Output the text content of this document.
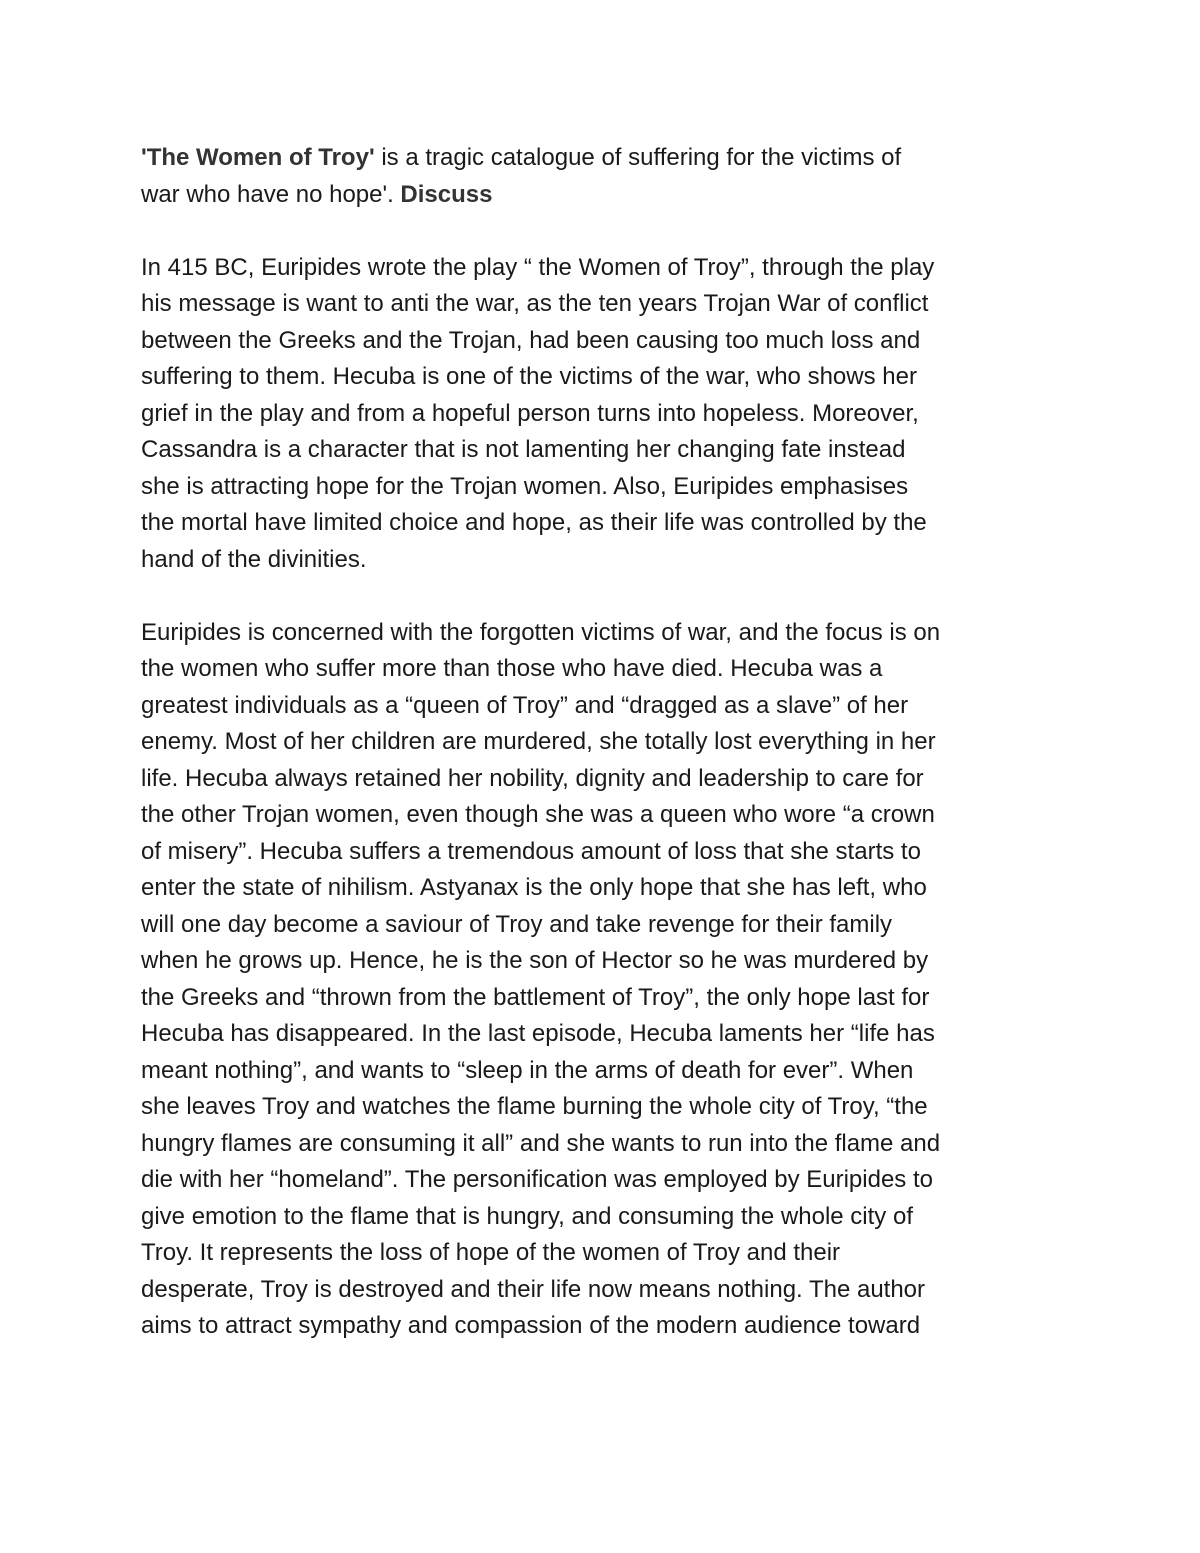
'The Women of Troy' is a tragic catalogue of suffering for the victims of
war who have no hope'. Discuss
In 415 BC, Euripides wrote the play “ the Women of Troy”, through the play
his message is want to anti the war, as the ten years Trojan War of conflict
between the Greeks and the Trojan, had been causing too much loss and
suffering to them. Hecuba is one of the victims of the war, who shows her
grief in the play and from a hopeful person turns into hopeless. Moreover,
Cassandra is a character that is not lamenting her changing fate instead
she is attracting hope for the Trojan women. Also, Euripides emphasises
the mortal have limited choice and hope, as their life was controlled by the
hand of the divinities.
Euripides is concerned with the forgotten victims of war, and the focus is on
the women who suffer more than those who have died. Hecuba was a
greatest individuals as a “queen of Troy” and “dragged as a slave” of her
enemy. Most of her children are murdered, she totally lost everything in her
life. Hecuba always retained her nobility, dignity and leadership to care for
the other Trojan women, even though she was a queen who wore “a crown
of misery”. Hecuba suffers a tremendous amount of loss that she starts to
enter the state of nihilism. Astyanax is the only hope that she has left, who
will one day become a saviour of Troy and take revenge for their family
when he grows up. Hence, he is the son of Hector so he was murdered by
the Greeks and “thrown from the battlement of Troy”, the only hope last for
Hecuba has disappeared. In the last episode, Hecuba laments her “life has
meant nothing”, and wants to “sleep in the arms of death for ever”. When
she leaves Troy and watches the flame burning the whole city of Troy, “the
hungry flames are consuming it all” and she wants to run into the flame and
die with her “homeland”. The personification was employed by Euripides to
give emotion to the flame that is hungry, and consuming the whole city of
Troy. It represents the loss of hope of the women of Troy and their
desperate, Troy is destroyed and their life now means nothing. The author
aims to attract sympathy and compassion of the modern audience toward
